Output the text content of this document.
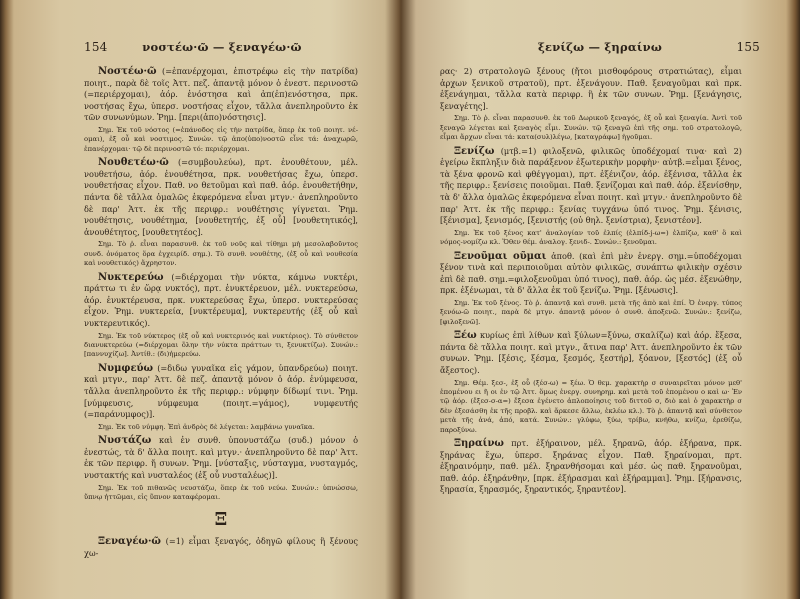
154	νοστέω·ῶ — ξεναγέω·ῶ

Νοστέω·ῶ (=ἐπανέρχομαι, ἐπιστρέφω εἰς τὴν πατρίδα) ποιητ., παρὰ δὲ τοῖς Ἀττ. πεζ. ἀπαντᾷ μόνον ὁ ἐνεστ. περινοστῶ (=περιέρχομαι), ἀόρ. ἐνόστησα καὶ ἀπ(ἐπ)ενόστησα, πρκ. νοστήσας ἔχω, ὑπερσ. νοστήσας εἶχον, τἄλλα ἀνεπληροῦντο ἐκ τῶν συνωνύμων. Ῥημ. [περι(ἀπο)νόστησις].

Σημ. Ἐκ τοῦ νόστος (=ἐπάνοδος εἰς τὴν πατρίδα, ὅπερ ἐκ τοῦ ποιητ. νέ-ομαι), ἐξ οὗ καὶ νοστιμος. Συνών. τῷ ἀπο(ὑπο)νοστῶ εἶνε τά: ἀναχωρῶ, ἐπανέρχομαι· τῷ δὲ περινοστῶ τό: περιέρχομαι.

Νουθετέω·ῶ (=συμβουλεύω), πρτ. ἐνουθέτουν, μέλ. νουθετήσω, ἀόρ. ἐνουθέτησα, πρκ. νουθετήσας ἔχω, ὑπερσ. νουθετήσας εἶχον. Παθ. νο θετοῦμαι καὶ παθ. ἀόρ. ἐνουθετήθην, πάντα δὲ τἄλλα ὁμαλῶς ἐκφερόμενα εἶναι μτγν.· ἀνεπληροῦντο δὲ παρ' Ἀττ. ἐκ τῆς περιφρ.: νουθέτησις γίγνεται. Ῥημ. νουθέτησις, νουθέτημα, [νουθετητής, ἐξ οὗ] [νουθετητικός], ἀνουθέτητος, [νουθετητέος].

Σημ. Τὸ ῥ. εἶναι παρασυνθ. ἐκ τοῦ νοῦς καὶ τίθημι μὴ μεσολαβοῦντος συνδ. ὀνόματος ὅρα ἐγχειρίδ. σημ.). Τὸ συνθ. νουθέτης, (ἐξ οὗ καὶ νουθεσία καὶ νουθετικός) ἄχρηστον.

Νυκτερεύω (=διέρχομαι τὴν νύκτα, κάμνω νυκτέρι, πράττω τι ἐν ὥρᾳ νυκτός), πρτ. ἐνυκτέρευον, μέλ. νυκτερεύσω, ἀόρ. ἐνυκτέρευσα, πρκ. νυκτερεύσας ἔχω, ὑπερσ. νυκτερεύσας εἶχον. Ῥημ. νυκτερεία, [νυκτέρευμα], νυκτερευτής (ἐξ οὗ καὶ νυκτερευτικός).

Σημ. Ἐκ τοῦ νύκτερος (ἐξ οὗ καὶ νυκτερινός καὶ νυκτέριος). Τὸ σύνθετον διανυκτερεύω (=διέρχομαι ὅλην τὴν νύκτα πράττων τι, ξενυκτίζω). Συνών.: [παννυχίζω]. Ἀντίθ.: (δι)ἡμερεύω.

Νυμφεύω (=διδω γυναῖκα εἰς γάμον, ὑπανδρεύω) ποιητ. καὶ μτγν., παρ' Ἀττ. δὲ πεζ. ἀπαντᾷ μόνον ὁ ἀόρ. ἐνύμφευσα, τἄλλα ἀνεπληροῦντο ἐκ τῆς περιφρ.: νύμφην δίδωμί τινι. Ῥημ. [νύμφευσις, νύμφευμα (ποιητ.=γάμος), νυμφευτής (=παράνυμφος)].

Σημ. Ἐκ τοῦ νύμφη. Ἐπὶ ἀνδρὸς δὲ λέγεται: λαμβάνω γυναῖκα.

Νυστάζω καὶ ἐν συνθ. ὑπονυστάζω (συδ.) μόνον ὁ ἐνεστώς, τὰ δ' ἄλλα ποιητ. καὶ μτγν.· ἀνεπληροῦντο δὲ παρ' Ἀττ. ἐκ τῶν περιφρ. ἤ συνων. Ῥημ. [νύσταξις, νύσταγμα, νυσταγμός, νυστακτής καὶ νυσταλέος (ἐξ οὗ νυσταλέως)].

Σημ. Ἐκ τοῦ πιθανῶς νευστάζω, ὅπερ ἐκ τοῦ νεύω. Συνών.: ὑπνώσσω, ὕπνῳ ἡττῶμαι, εἰς ὕπνον καταφέρομαι.

Ξ

Ξεναγέω·ῶ (=1) εἶμαι ξεναγός, ὁδηγῶ φίλους ἢ ξένους χω-

ξενίζω — ξηραίνω	155

ρας· 2) στρατολογῶ ξένους (ἤτοι μισθοφόρους στρατιώτας), εἶμαι ἀρχων ξενικοῦ στρατοῦ), πρτ. ἐξενάγουν. Παθ. ξεναγοῦμαι καὶ πρκ. ἐξενάγημαι, τἄλλα κατὰ περιφρ. ἢ ἐκ τῶν συνων. Ῥημ. [ξενάγησις, ξεναγέτης].

Σημ. Τὸ ῥ. εἶναι παρασυνθ. ἐκ τοῦ Δωρικοῦ ξεναγός, ἐξ οὗ καὶ ξεναγία. Ἀντὶ τοῦ ξεναγῶ λέγεται καὶ ξεναγὸς εἶμι. Συνών. τῷ ξεναγῶ ἐπὶ τῆς σημ. τοῦ στρατολογῶ, εἶμαι ἄρχων εἶναι τά: κατα(συλ)λέγω, [καταγράφω] ἡγοῦμαι.

Ξενίζω (μτβ.=1) φιλοξενῶ, φιλικῶς ὑποδέχομαί τινα· καὶ 2) ἐγείρω ἔκπληξιν διὰ παράξενον ἐξωτερικὴν μορφὴν· αὐτβ.=εἶμαι ξένος, τὰ ξένα φρονῶ καὶ φθέγγομαι), πρτ. ἐξένιζον, ἀόρ. ἐξένισα, τἄλλα ἐκ τῆς περιφρ.: ξενίσεις ποιοῦμαι. Παθ. ξενίζομαι καὶ παθ. ἀόρ. ἐξενίσθην, τὰ δ' ἄλλα ὁμαλῶς ἐκφερόμενα εἶναι ποιητ. καὶ μτγν.· ἀνεπληροῦντο δὲ παρ' Ἀττ. ἐκ τῆς περιφρ.: ξενίας τυγχάνω ὑπό τινος. Ῥημ. ξένισις, [ξένισμα], ξενισμός, [ξενιστής (οὐ θηλ. ξενίστρια), ξενιστέον].

Σημ. Ἐκ τοῦ ξένος κατ' ἀναλογίαν τοῦ ἐλπίς (ἐλπίδ-j-ω=) ἐλπίζω, καθ' ὃ καὶ νόμος-νομίζω κλ. Ὅθεν θέμ. ἀναλογ. ξενιδ-. Συνών.: ξενοῦμαι.

Ξενοῦμαι οῦμαι ἀποθ. (καὶ ἐπὶ μὲν ἐνεργ. σημ.=ὑποδέχομαι ξένον τινὰ καὶ περιποιοῦμαι αὐτὸν φιλικῶς, συνάπτω φιλικὴν σχέσιν ἐπὶ δὲ παθ. σημ.=φιλοξενοῦμαι ὑπό τινος), παθ. ἀόρ. ὡς μέσ. ἐξενώθην, πρκ. ἐξένωμαι, τὰ δ' ἄλλα ἐκ τοῦ ξενίζω. Ῥημ. [ξένωσις].

Σημ. Ἐκ τοῦ ξένος. Τὸ ῥ. ἀπαντᾷ καὶ συνθ. μετὰ τῆς ἀπὸ καὶ ἐπί. Ὁ ἐνεργ. τύπος ξενόω-ῶ ποιητ., παρὰ δὲ μτγν. ἀπαντᾷ μόνον ὁ συνθ. ἀποξενῶ. Συνών.: ξενίζω, [φιλοξενῶ].

Ξέω κυρίως ἐπὶ λίθων καὶ ξύλων=ξύνω, σκαλίζω) καὶ ἀόρ. ἔξεσα, πάντα δὲ τἄλλα ποιητ. καὶ μτγν., ἄτινα παρ' Ἀττ. ἀνεπληροῦντο ἐκ τῶν συνων. Ῥημ. [ξέσις, ξέσμα, ξεσμός, ξεστήρ], ξόανον, [ξεστός] (ἐξ οὗ ἄξεστος).

Σημ. Θέμ. ξεσ-, ἐξ οὗ (ξέσ-ω) = ξέω. Ὁ θεμ. χαρακτὴρ σ συναιρεῖται μόνον μεθ' ἑπομένου ει ἢ οι ἐν τῷ Ἀττ. ὅμως ἐνεργ. συνηρημ. καὶ μετὰ τοῦ ἑπομένου ο καὶ ω· Ἐν τῷ ἀόρ. (ἔξεσ-σ-α=) ἔξεσα ἐγένετο ἀπλοποίησις τοῦ διττοῦ σ, διὸ καὶ ὁ χαρακτὴρ σ δὲν ἐξεσάσθη ἐκ τῆς προβλ. καὶ ἄρκεσε ἄλλω, ἐκλέω κλ.). Τὸ ῥ. ἀπαντᾷ καὶ σύνθετον μετὰ τῆς ἀνά, ἀπό, κατά. Συνών.: γλύφω, ξύω, τρίβω, κνήθω, κνίζω, ἐρεθίζω, παροξύνω.

Ξηραίνω πρτ. ἐξήραινον, μέλ. ξηρανῶ, ἀόρ. ἐξήρανα, πρκ. ξηράνας ἔχω, ὑπερσ. ξηράνας εἶχον. Παθ. ξηραίνομαι, πρτ. ἐξηραινόμην, παθ. μέλ. ξηρανθήσομαι καὶ μέσ. ὡς παθ. ξηρανοῦμαι, παθ. ἀόρ. ἐξηράνθην, [πρκ. ἐξήρασμαι καὶ ἐξήραμμαι]. Ῥημ. [ξήρανσις, ξηρασία, ξηρασμός, ξηραντικός, ξηραντέον].
